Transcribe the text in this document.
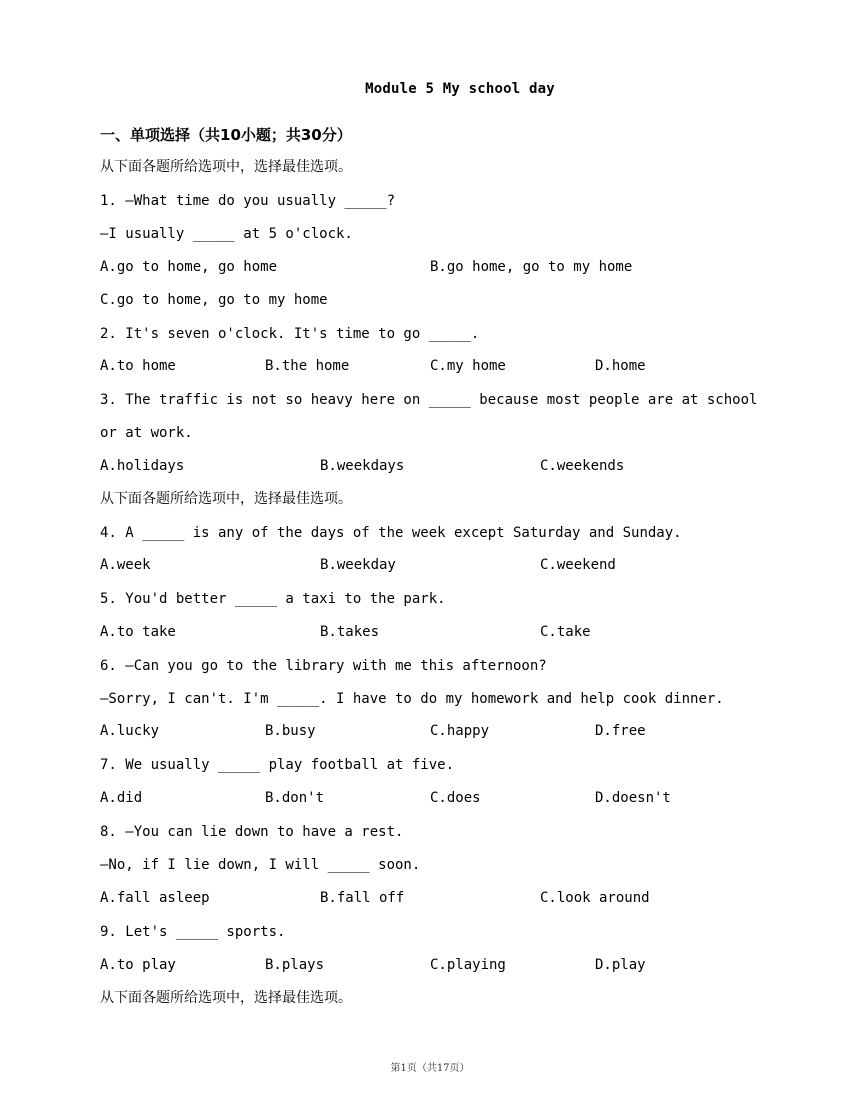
Module 5 My school day
一、单项选择（共10小题；共30分）
从下面各题所给选项中，选择最佳选项。
1. —What time do you usually _____?
—I usually _____ at 5 o'clock.
A.go to home, go home	B.go home, go to my home
C.go to home, go to my home
2. It's seven o'clock. It's time to go _____.
A.to home	B.the home	C.my home	D.home
3. The traffic is not so heavy here on _____ because most people are at school
or at work.
A.holidays	B.weekdays	C.weekends
从下面各题所给选项中，选择最佳选项。
4. A _____ is any of the days of the week except Saturday and Sunday.
A.week	B.weekday	C.weekend
5. You'd better _____ a taxi to the park.
A.to take	B.takes	C.take
6. —Can you go to the library with me this afternoon?
—Sorry, I can't. I'm _____. I have to do my homework and help cook dinner.
A.lucky	B.busy	C.happy	D.free
7. We usually _____ play football at five.
A.did	B.don't	C.does	D.doesn't
8. —You can lie down to have a rest.
—No, if I lie down, I will _____ soon.
A.fall asleep	B.fall off	C.look around
9. Let's _____ sports.
A.to play	B.plays	C.playing	D.play
从下面各题所给选项中，选择最佳选项。
第1页（共17页）
